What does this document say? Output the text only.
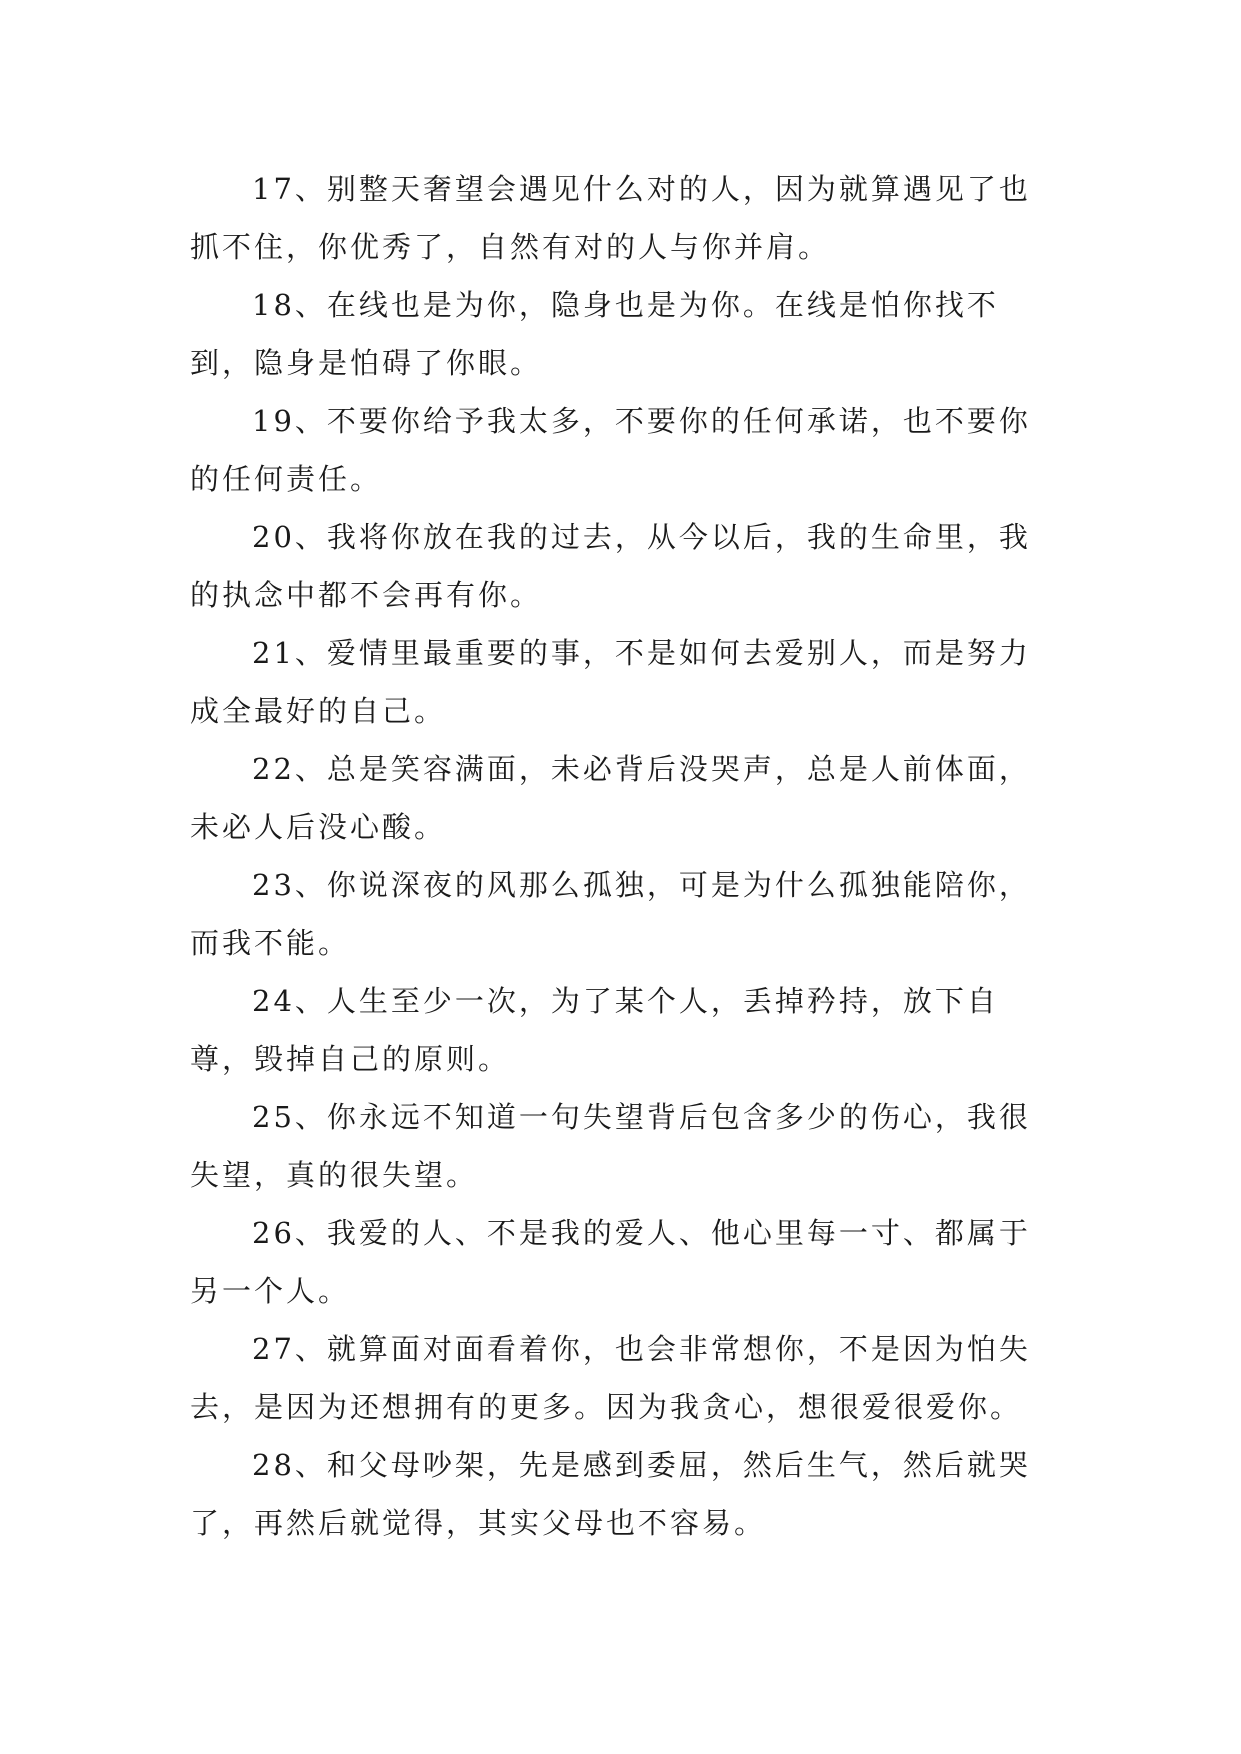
17、别整天奢望会遇见什么对的人，因为就算遇见了也抓不住，你优秀了，自然有对的人与你并肩。

18、在线也是为你，隐身也是为你。在线是怕你找不到，隐身是怕碍了你眼。

19、不要你给予我太多，不要你的任何承诺，也不要你的任何责任。

20、我将你放在我的过去，从今以后，我的生命里，我的执念中都不会再有你。

21、爱情里最重要的事，不是如何去爱别人，而是努力成全最好的自己。

22、总是笑容满面，未必背后没哭声，总是人前体面，未必人后没心酸。

23、你说深夜的风那么孤独，可是为什么孤独能陪你，而我不能。

24、人生至少一次，为了某个人，丢掉矜持，放下自尊，毁掉自己的原则。

25、你永远不知道一句失望背后包含多少的伤心，我很失望，真的很失望。

26、我爱的人、不是我的爱人、他心里每一寸、都属于另一个人。

27、就算面对面看着你，也会非常想你，不是因为怕失去，是因为还想拥有的更多。因为我贪心，想很爱很爱你。

28、和父母吵架，先是感到委屈，然后生气，然后就哭了，再然后就觉得，其实父母也不容易。
